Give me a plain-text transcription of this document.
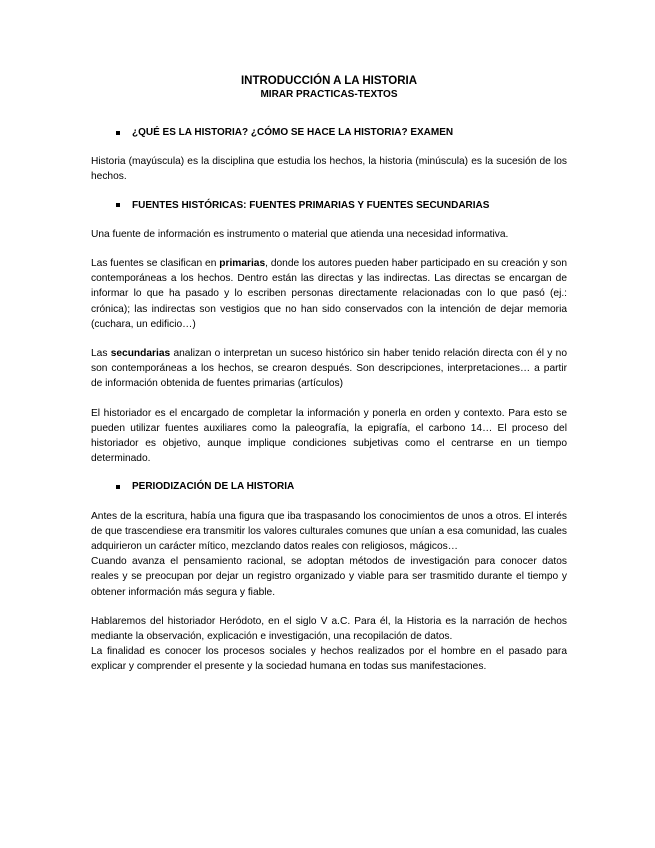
INTRODUCCIÓN A LA HISTORIA
MIRAR PRACTICAS-TEXTOS
¿QUÉ ES LA HISTORIA? ¿CÓMO SE HACE LA HISTORIA? EXAMEN

Historia (mayúscula) es la disciplina que estudia los hechos, la historia (minúscula) es la sucesión de los hechos.

FUENTES HISTÓRICAS: FUENTES PRIMARIAS Y FUENTES SECUNDARIAS

Una fuente de información es instrumento o material que atienda una necesidad informativa.

Las fuentes se clasifican en primarias, donde los autores pueden haber participado en su creación y son contemporáneas a los hechos. Dentro están las directas y las indirectas. Las directas se encargan de informar lo que ha pasado y lo escriben personas directamente relacionadas con lo que pasó (ej.: crónica); las indirectas son vestigios que no han sido conservados con la intención de dejar memoria (cuchara, un edificio…)

Las secundarias analizan o interpretan un suceso histórico sin haber tenido relación directa con él y no son contemporáneas a los hechos, se crearon después. Son descripciones, interpretaciones… a partir de información obtenida de fuentes primarias (artículos)

El historiador es el encargado de completar la información y ponerla en orden y contexto. Para esto se pueden utilizar fuentes auxiliares como la paleografía, la epigrafía, el carbono 14… El proceso del historiador es objetivo, aunque implique condiciones subjetivas como el centrarse en un tiempo determinado.

PERIODIZACIÓN DE LA HISTORIA

Antes de la escritura, había una figura que iba traspasando los conocimientos de unos a otros. El interés de que trascendiese era transmitir los valores culturales comunes que unían a esa comunidad, las cuales adquirieron un carácter mítico, mezclando datos reales con religiosos, mágicos…

Cuando avanza el pensamiento racional, se adoptan métodos de investigación para conocer datos reales y se preocupan por dejar un registro organizado y viable para ser trasmitido durante el tiempo y obtener información más segura y fiable.

Hablaremos del historiador Heródoto, en el siglo V a.C. Para él, la Historia es la narración de hechos mediante la observación, explicación e investigación, una recopilación de datos.

La finalidad es conocer los procesos sociales y hechos realizados por el hombre en el pasado para explicar y comprender el presente y la sociedad humana en todas sus manifestaciones.
